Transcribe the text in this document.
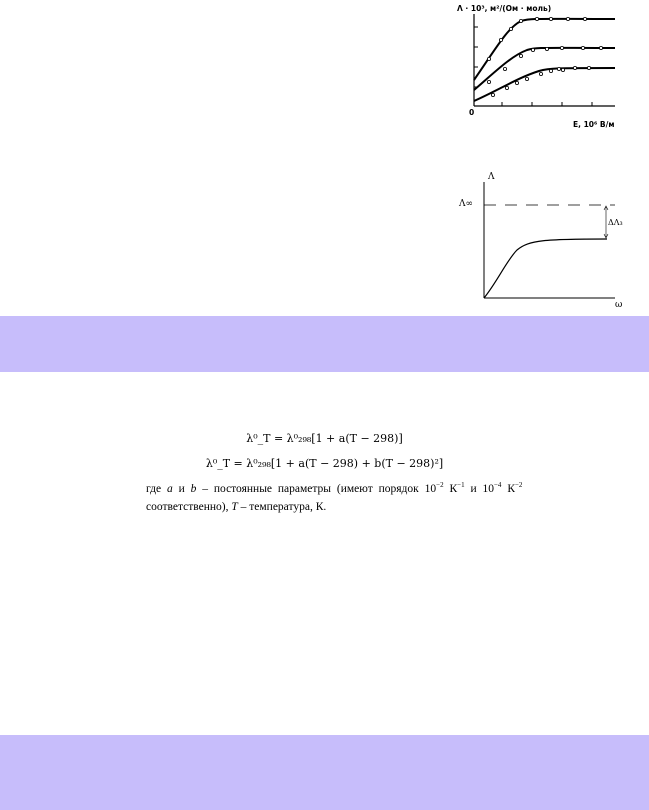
Λ · 10³, м²/(Ом · моль)
0
E, 10⁶ В/м
Λ
Λ∞
ΔΛ₃
ω
λ⁰_T = λ⁰₂₉₈[1 + a(T − 298)]
λ⁰_T = λ⁰₂₉₈[1 + a(T − 298) + b(T − 298)²]
где a и b – постоянные параметры (имеют порядок $10^{-2}$ $К^{-1}$ и $10^{-4}$ $К^{-2}$
соответственно), T – температура, К.
